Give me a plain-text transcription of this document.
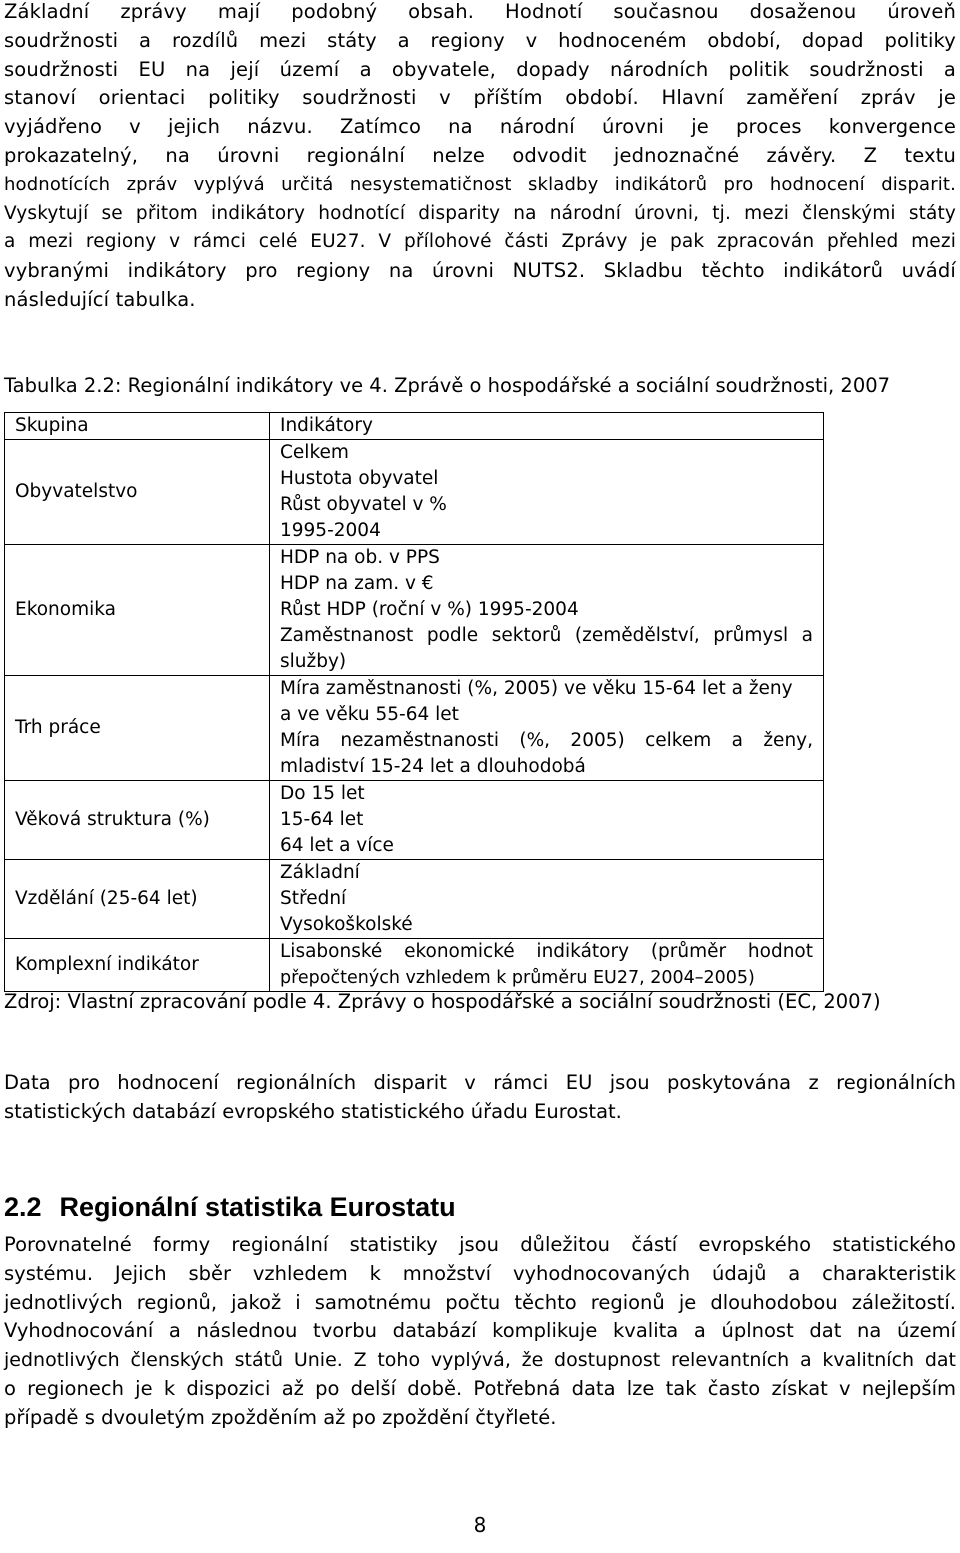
Základní zprávy mají podobný obsah. Hodnotí současnou dosaženou úroveň
soudržnosti a rozdílů mezi státy a regiony v hodnoceném období, dopad politiky
soudržnosti EU na její území a obyvatele, dopady národních politik soudržnosti a
stanoví orientaci politiky soudržnosti v příštím období. Hlavní zaměření zpráv je
vyjádřeno v jejich názvu. Zatímco na národní úrovni je proces konvergence
prokazatelný, na úrovni regionální nelze odvodit jednoznačné závěry. Z textu
hodnotících zpráv vyplývá určitá nesystematičnost skladby indikátorů pro hodnocení disparit.
Vyskytují se přitom indikátory hodnotící disparity na národní úrovni, tj. mezi členskými státy
a mezi regiony v rámci celé EU27. V přílohové části Zprávy je pak zpracován přehled mezi
vybranými indikátory pro regiony na úrovni NUTS2. Skladbu těchto indikátorů uvádí
následující tabulka.
Tabulka 2.2: Regionální indikátory ve 4. Zprávě o hospodářské a sociální soudržnosti, 2007
Skupina	Indikátory
Obyvatelstvo	Celkem
Hustota obyvatel
Růst obyvatel v %
1995-2004

Ekonomika	HDP na ob. v PPS
HDP na zam. v €
Růst HDP (roční v %) 1995-2004
Zaměstnanost podle sektorů (zemědělství, průmysl a
služby)

Trh práce	Míra zaměstnanosti (%, 2005) ve věku 15-64 let a ženy
a ve věku 55-64 let
Míra nezaměstnanosti (%, 2005) celkem a ženy,
mladiství 15-24 let a dlouhodobá

Věková struktura (%)	Do 15 let
15-64 let
64 let a více

Vzdělání (25-64 let)	Základní
Střední
Vysokoškolské

Komplexní indikátor	Lisabonské ekonomické indikátory (průměr hodnot
přepočtených vzhledem k průměru EU27, 2004–2005)
Zdroj: Vlastní zpracování podle 4. Zprávy o hospodářské a sociální soudržnosti (EC, 2007)
Data pro hodnocení regionálních disparit v rámci EU jsou poskytována z regionálních
statistických databází evropského statistického úřadu Eurostat.
2.2 Regionální statistika Eurostatu
Porovnatelné formy regionální statistiky jsou důležitou částí evropského statistického
systému. Jejich sběr vzhledem k množství vyhodnocovaných údajů a charakteristik
jednotlivých regionů, jakož i samotnému počtu těchto regionů je dlouhodobou záležitostí.
Vyhodnocování a následnou tvorbu databází komplikuje kvalita a úplnost dat na území
jednotlivých členských států Unie. Z toho vyplývá, že dostupnost relevantních a kvalitních dat
o regionech je k dispozici až po delší době. Potřebná data lze tak často získat v nejlepším
případě s dvouletým zpožděním až po zpoždění čtyřleté.
8
